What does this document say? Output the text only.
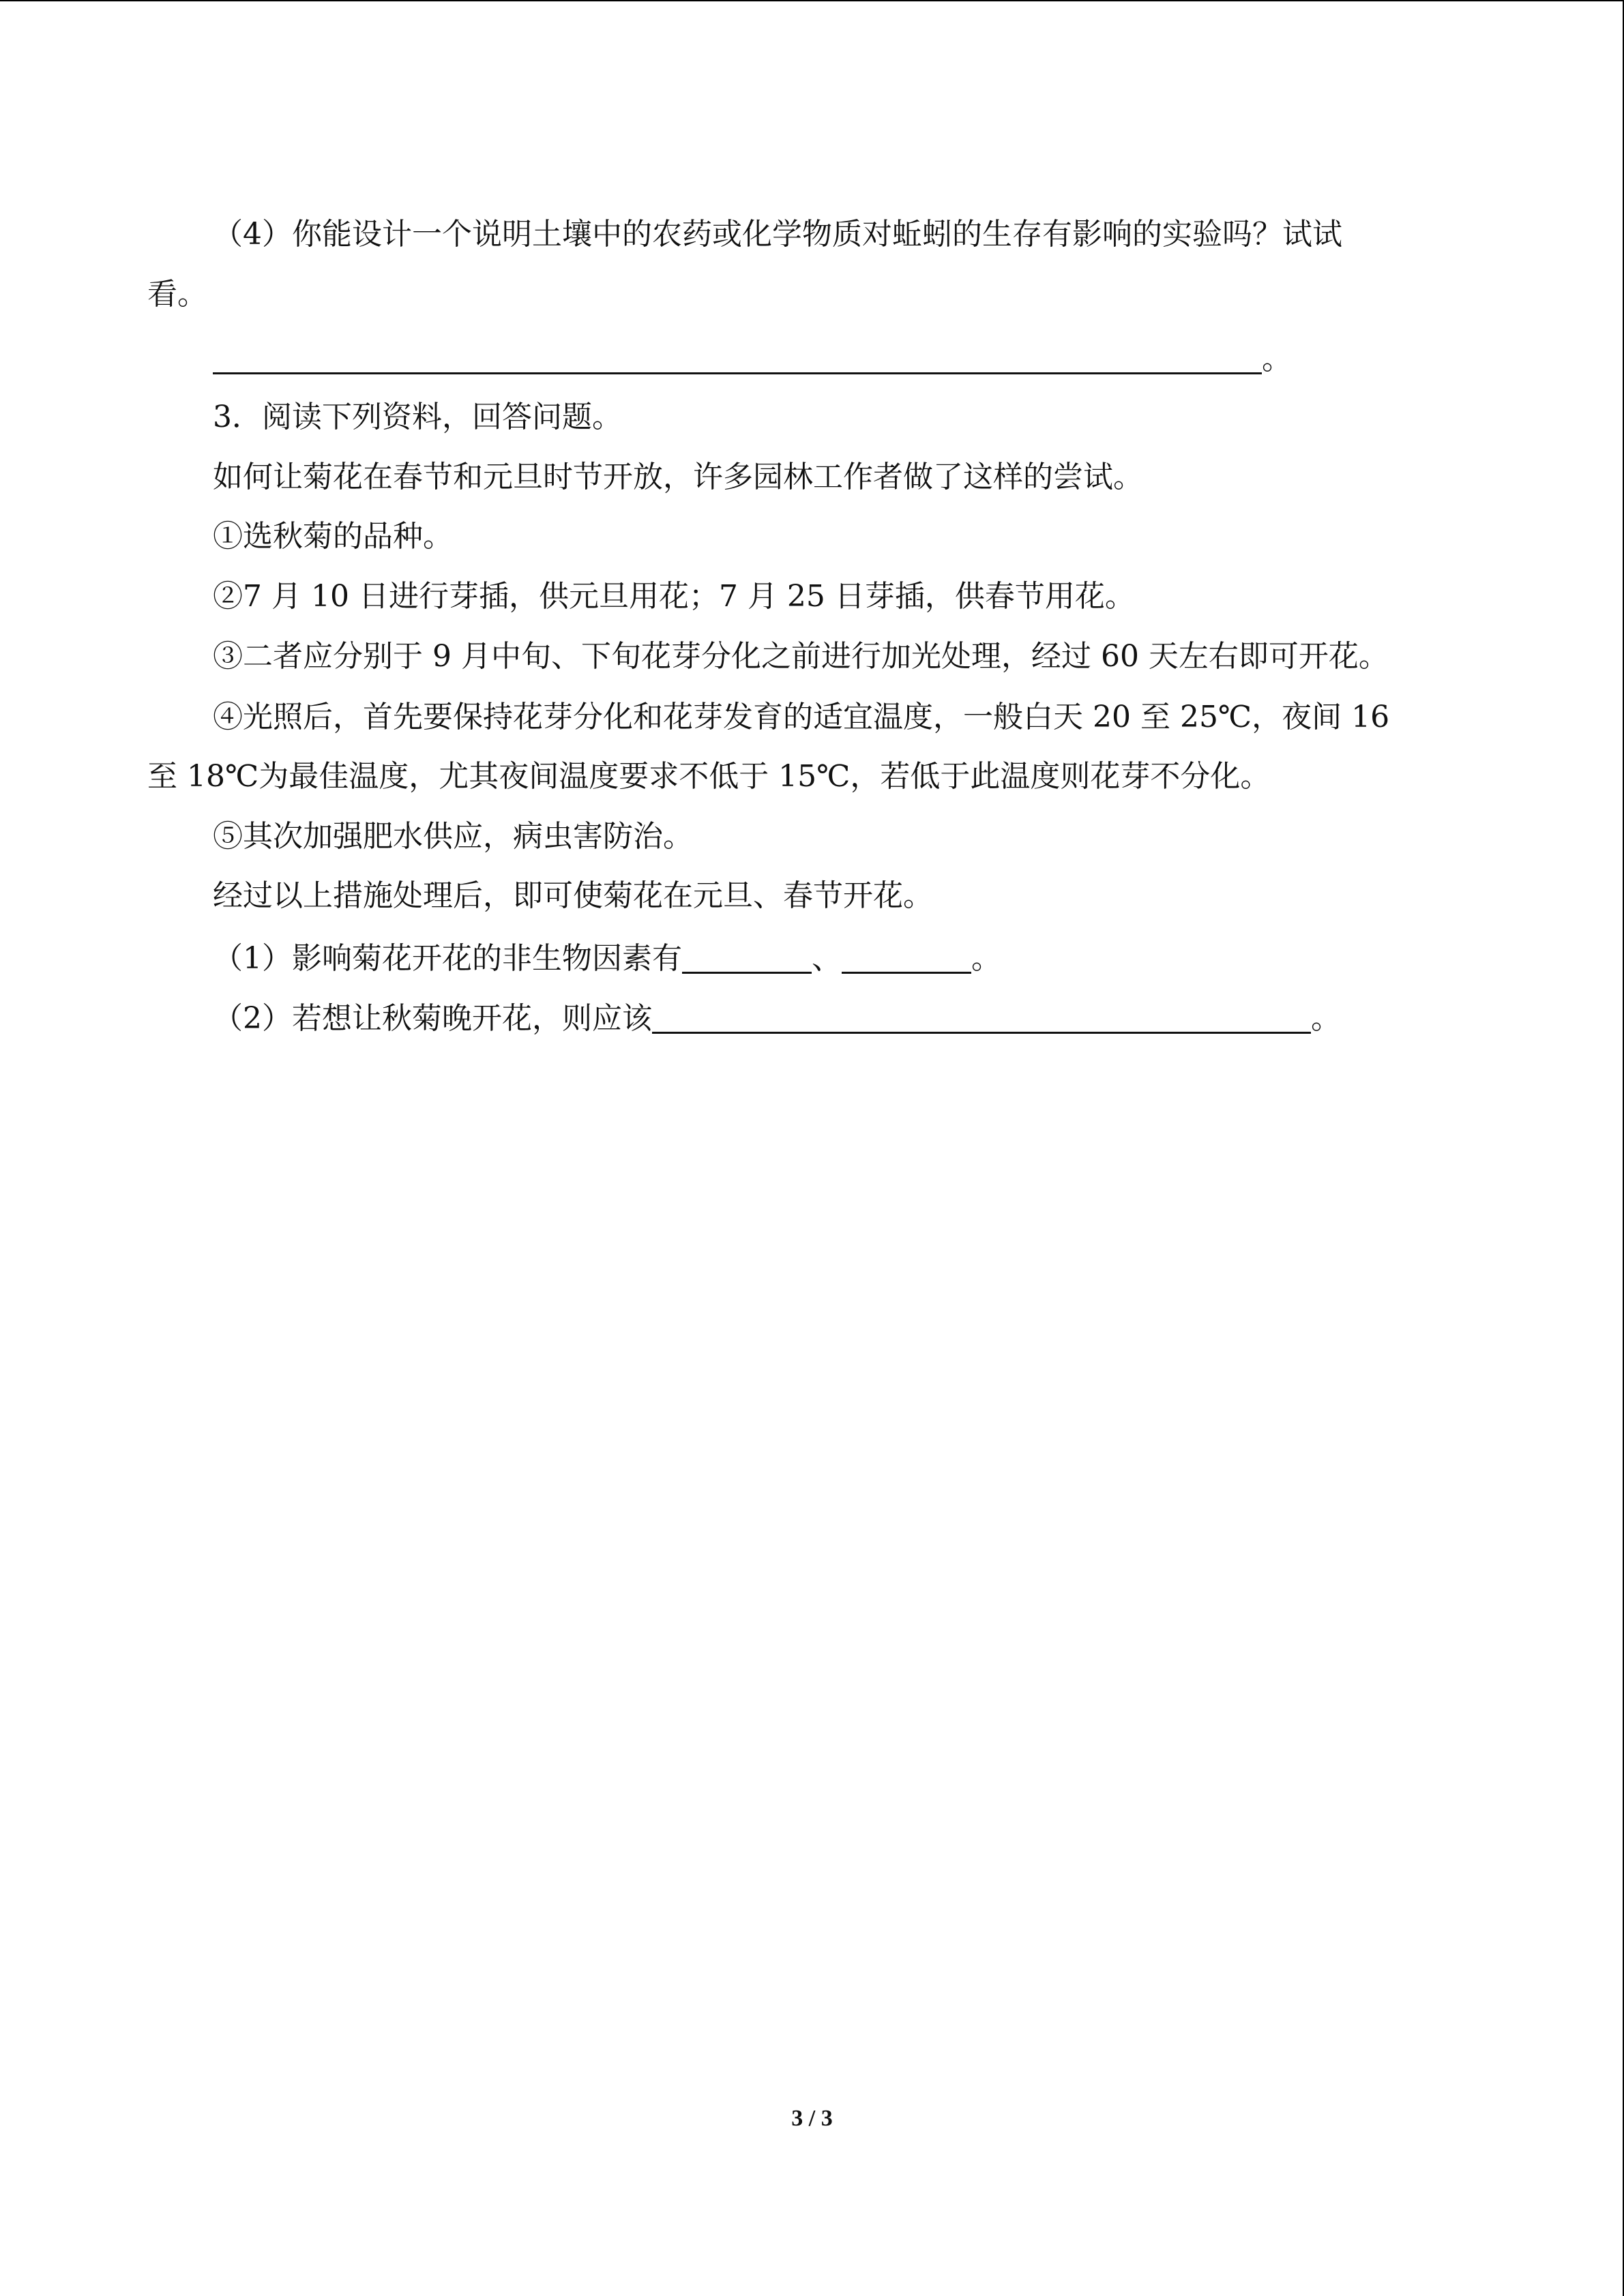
（4）你能设计一个说明土壤中的农药或化学物质对蚯蚓的生存有影响的实验吗？试试
看。
。
3．阅读下列资料，回答问题。
如何让菊花在春节和元旦时节开放，许多园林工作者做了这样的尝试。
①选秋菊的品种。
②7 月 10 日进行芽插，供元旦用花；7 月 25 日芽插，供春节用花。
③二者应分别于 9 月中旬、下旬花芽分化之前进行加光处理，经过 60 天左右即可开花。
④光照后，首先要保持花芽分化和花芽发育的适宜温度，一般白天 20 至 25℃，夜间 16
至 18℃为最佳温度，尤其夜间温度要求不低于 15℃，若低于此温度则花芽不分化。
⑤其次加强肥水供应，病虫害防治。
经过以上措施处理后，即可使菊花在元旦、春节开花。
（1）影响菊花开花的非生物因素有	、	。
（2）若想让秋菊晚开花，则应该	。
3 / 3
